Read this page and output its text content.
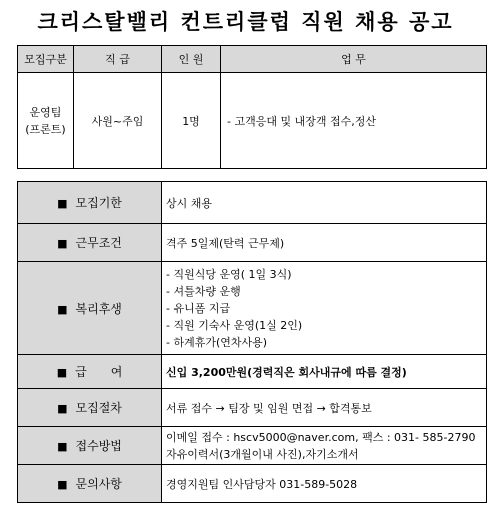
크리스탈밸리 컨트리클럽 직원 채용 공고
모집구분	직 급	인 원	업 무

운영팀
(프론트)	사원~주임	1명	- 고객응대 및 내장객 접수,정산
■ 모집기한	상시 채용
■ 근무조건	격주 5일제(탄력 근무제)
■ 복리후생	- 직원식당 운영( 1일 3식)
- 셔틀차량 운행
- 유니폼 지급
- 직원 기숙사 운영(1실 2인)
- 하계휴가(연차사용)

■ 급　　여	신입 3,200만원(경력직은 회사내규에 따름 결정)
■ 모집절차	서류 접수 → 팀장 및 임원 면접 → 합격통보
■ 접수방법	이메일 접수 : hscv5000@naver.com, 팩스 : 031- 585-2790
자유이력서(3개월이내 사진),자기소개서

■ 문의사항	경영지원팀 인사담당자 031-589-5028
